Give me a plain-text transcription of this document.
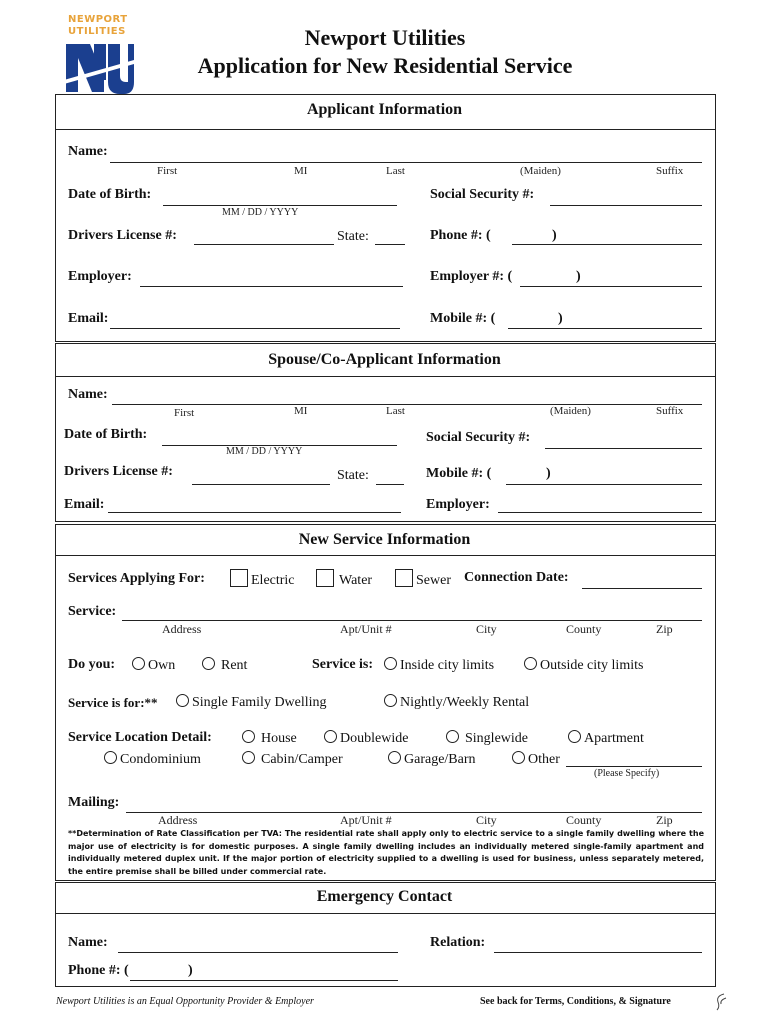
NEWPORT
UTILITIES	Newport Utilities
Application for New Residential Service
Applicant Information
Name:
First	MI	Last	(Maiden)	Suffix
Date of Birth:
MM / DD / YYYY
Social Security #:
Drivers License #:	State:	Phone #: (	)
Employer:	Employer #: (	)
Email:	Mobile #: (	)
Spouse/Co-Applicant Information
Name:
First	MI	Last	(Maiden)	Suffix
Date of Birth:
MM / DD / YYYY
Social Security #:
Drivers License #:	State:	Mobile #: (	)
Email:	Employer:
New Service Information
Services Applying For:	Electric	Water	Sewer Connection Date:
Service:
Address	Apt/Unit #	City	County	Zip
Do you:	Own	Rent	Service is:	Inside city limits	Outside city limits
Service is for:**	Single Family Dwelling	Nightly/Weekly Rental
Service Location Detail:	House	Doublewide	Singlewide	Apartment
Condominium	Cabin/Camper	Garage/Barn	Other
(Please Specify)
Mailing:
Address	Apt/Unit #	City	County	Zip
**Determination of Rate Classification per TVA: The residential rate shall apply only to electric service to a single family dwelling where the major use of electricity is for domestic purposes. A single family dwelling includes an individually metered single-family apartment and individually metered duplex unit. If the major portion of electricity supplied to a dwelling is used for business, unless separately metered, the entire premise shall be billed under commercial rate.
Emergency Contact
Name:	Relation:
Phone #: (	)
Newport Utilities is an Equal Opportunity Provider & Employer	See back for Terms, Conditions, & Signature
